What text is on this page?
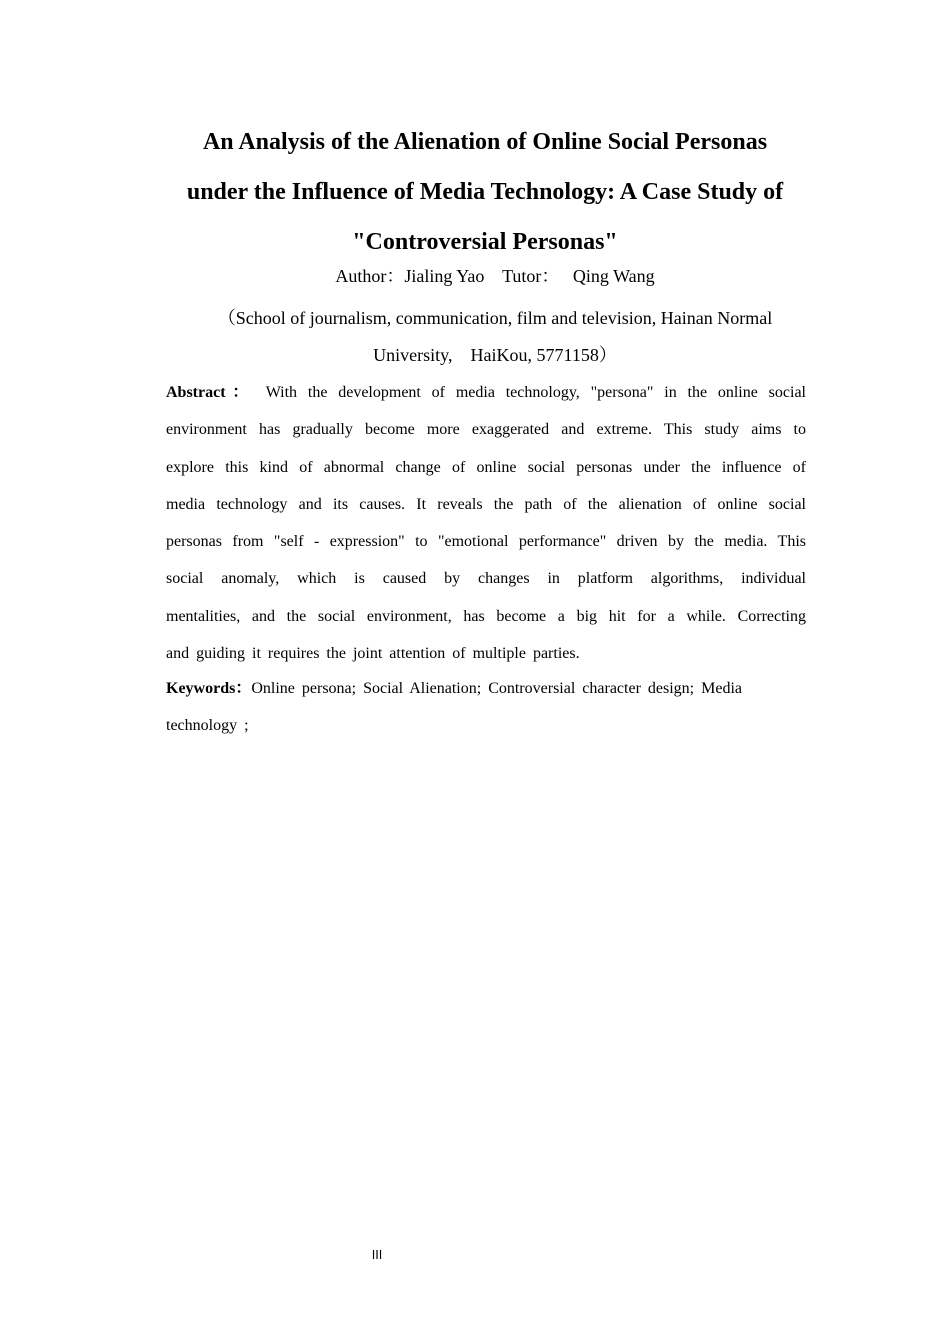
An Analysis of the Alienation of Online Social Personas
under the Influence of Media Technology: A Case Study of
"Controversial Personas"
Author：Jialing Yao Tutor： Qing Wang
（School of journalism, communication, film and television, Hainan Normal
University,    HaiKou, 5771158）
Abstract： With the development of media technology, "persona" in the online social
environment has gradually become more exaggerated and extreme. This study aims to
explore this kind of abnormal change of online social personas under the influence of
media technology and its causes. It reveals the path of the alienation of online social
personas from "self - expression" to "emotional performance" driven by the media. This
social anomaly, which is caused by changes in platform algorithms, individual
mentalities, and the social environment, has become a big hit for a while. Correcting
and guiding it requires the joint attention of multiple parties.
Keywords：Online persona; Social Alienation; Controversial character design; Media
technology ;
III
